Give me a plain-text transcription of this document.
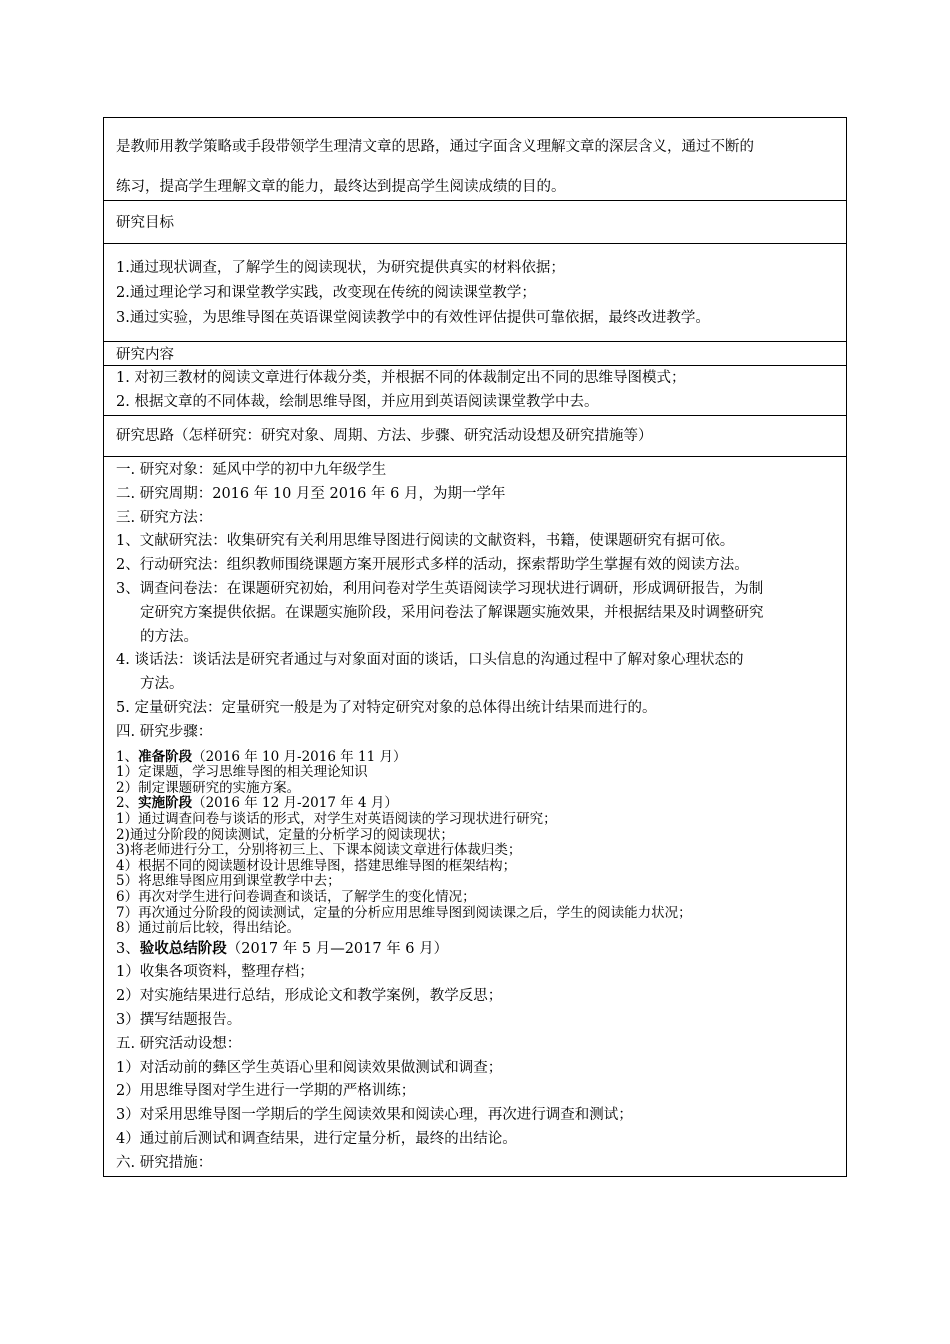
是教师用教学策略或手段带领学生理清文章的思路，通过字面含义理解文章的深层含义，通过不断的
练习，提高学生理解文章的能力，最终达到提高学生阅读成绩的目的。
研究目标
1.通过现状调查，了解学生的阅读现状，为研究提供真实的材料依据；
2.通过理论学习和课堂教学实践，改变现在传统的阅读课堂教学；
3.通过实验，为思维导图在英语课堂阅读教学中的有效性评估提供可靠依据，最终改进教学。
研究内容
1. 对初三教材的阅读文章进行体裁分类，并根据不同的体裁制定出不同的思维导图模式；
2. 根据文章的不同体裁，绘制思维导图，并应用到英语阅读课堂教学中去。
研究思路（怎样研究：研究对象、周期、方法、步骤、研究活动设想及研究措施等）
一. 研究对象：延风中学的初中九年级学生
二. 研究周期：2016 年 10 月至 2016 年 6 月，为期一学年
三. 研究方法：
1、文献研究法：收集研究有关利用思维导图进行阅读的文献资料，书籍，使课题研究有据可依。
2、行动研究法：组织教师围绕课题方案开展形式多样的活动，探索帮助学生掌握有效的阅读方法。
3、调查问卷法：在课题研究初始，利用问卷对学生英语阅读学习现状进行调研，形成调研报告，为制
定研究方案提供依据。在课题实施阶段，采用问卷法了解课题实施效果，并根据结果及时调整研究
的方法。
4. 谈话法：谈话法是研究者通过与对象面对面的谈话，口头信息的沟通过程中了解对象心理状态的
方法。
5. 定量研究法：定量研究一般是为了对特定研究对象的总体得出统计结果而进行的。
四. 研究步骤：
1、准备阶段（2016 年 10 月-2016 年 11 月）
1）定课题，学习思维导图的相关理论知识
2）制定课题研究的实施方案。
2、实施阶段（2016 年 12 月-2017 年 4 月）
1）通过调查问卷与谈话的形式，对学生对英语阅读的学习现状进行研究；
2)通过分阶段的阅读测试，定量的分析学习的阅读现状；
3)将老师进行分工，分别将初三上、下课本阅读文章进行体裁归类；
4）根据不同的阅读题材设计思维导图，搭建思维导图的框架结构；
5）将思维导图应用到课堂教学中去；
6）再次对学生进行问卷调查和谈话，了解学生的变化情况；
7）再次通过分阶段的阅读测试，定量的分析应用思维导图到阅读课之后，学生的阅读能力状况；
8）通过前后比较，得出结论。
3、验收总结阶段（2017 年 5 月—2017 年 6 月）
1）收集各项资料，整理存档；
2）对实施结果进行总结，形成论文和教学案例，教学反思；
3）撰写结题报告。
五. 研究活动设想：
1）对活动前的彝区学生英语心里和阅读效果做测试和调查；
2）用思维导图对学生进行一学期的严格训练；
3）对采用思维导图一学期后的学生阅读效果和阅读心理，再次进行调查和测试；
4）通过前后测试和调查结果，进行定量分析，最终的出结论。
六. 研究措施：
